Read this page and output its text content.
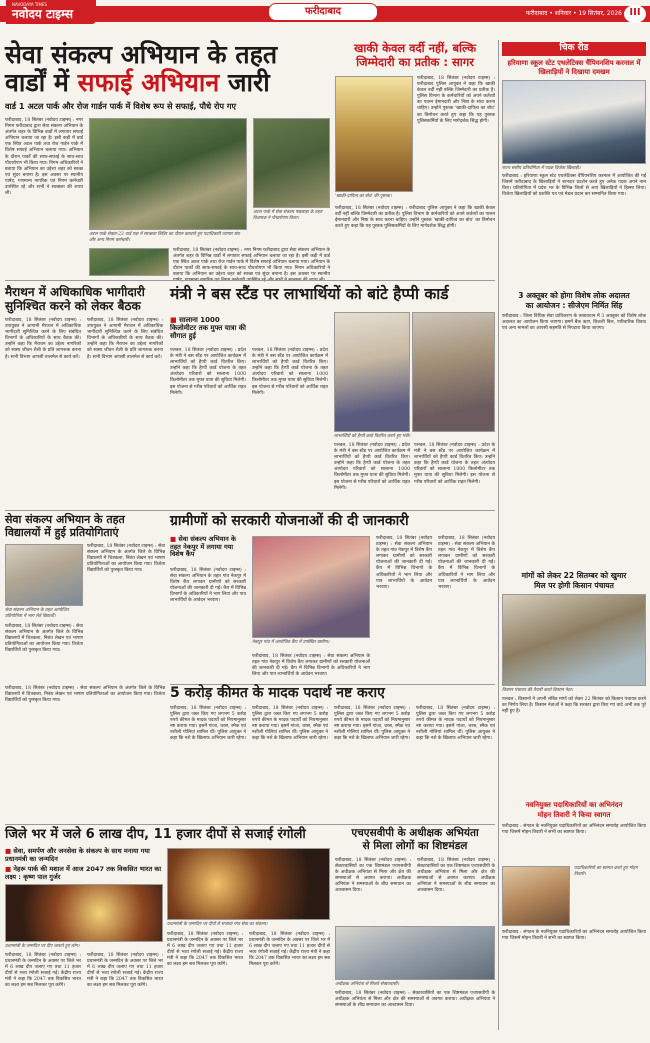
NAVODAYA TIMES
नवोदय टाइम्स	फरीदाबाद	फरीदाबाद • शनिवार • 19 सितंबर, 2026 III
सेवा संकल्प अभियान के तहत
वार्डों में सफाई अभियान जारी
वार्ड 1 अटल पार्क और रोज गार्डन पार्क में विशेष रूप से सफाई, पौधे रोप गए
फरीदाबाद, 18 सितंबर (नवोदय टाइम्स) : नगर निगम फरीदाबाद द्वारा सेवा संकल्प अभियान के अंतर्गत शहर के विभिन्न वार्डों में लगातार सफाई अभियान चलाया जा रहा है। इसी कड़ी में वार्ड एक स्थित अटल पार्क तथा रोज गार्डन पार्क में विशेष सफाई अभियान चलाया गया। अभियान के दौरान पार्कों की साफ-सफाई के साथ-साथ पौधारोपण भी किया गया। निगम अधिकारियों ने बताया कि अभियान का उद्देश्य शहर को स्वच्छ एवं सुंदर बनाना है। इस अवसर पर स्थानीय पार्षद, गणमान्य नागरिक एवं निगम कर्मचारी उपस्थित रहे और सभी ने स्वच्छता की शपथ ली।
अटल पार्क सेक्टर-23 वार्ड एक में स्वच्छता शिविर का दौरान करवाते हुए पदाधिकारी व्यापार संघ और अन्य निगम कर्मचारी।
अटल पार्क में सेवा संकल्प पखवाड़ा के तहत विधायक ने पौधारोपण किया।
फरीदाबाद, 18 सितंबर (नवोदय टाइम्स) : नगर निगम फरीदाबाद द्वारा सेवा संकल्प अभियान के अंतर्गत शहर के विभिन्न वार्डों में लगातार सफाई अभियान चलाया जा रहा है। इसी कड़ी में वार्ड एक स्थित अटल पार्क तथा रोज गार्डन पार्क में विशेष सफाई अभियान चलाया गया। अभियान के दौरान पार्कों की साफ-सफाई के साथ-साथ पौधारोपण भी किया गया। निगम अधिकारियों ने बताया कि अभियान का उद्देश्य शहर को स्वच्छ एवं सुंदर बनाना है। इस अवसर पर स्थानीय
खाकी केवल वर्दी नहीं, बल्कि
जिम्मेदारी का प्रतीक : सागर
'खाकी-दायित्व का बोध' की पुस्तक।
फरीदाबाद, 18 सितंबर (नवोदय टाइम्स) : फरीदाबाद पुलिस आयुक्त ने कहा कि खाकी केवल वर्दी नहीं बल्कि जिम्मेदारी का प्रतीक है। पुलिस विभाग के कर्मचारियों को अपने कर्तव्यों का पालन ईमानदारी और निष्ठा के साथ करना चाहिए। उन्होंने पुस्तक 'खाकी-दायित्व का बोध' का विमोचन करते हुए कहा कि यह पुस्तक पुलिसकर्मियों के लिए मार्गदर्शक सिद्ध होगी।
फरीदाबाद, 18 सितंबर (नवोदय टाइम्स) : फरीदाबाद पुलिस आयुक्त ने कहा कि खाकी केवल वर्दी नहीं बल्कि जिम्मेदारी का प्रतीक है। पुलिस विभाग के कर्मचारियों को अपने कर्तव्यों का पालन ईमानदारी और निष्ठा के साथ करना चाहिए। उन्होंने पुस्तक 'खाकी-दायित्व का बोध' का विमोचन करते हुए कहा कि यह पुस्तक पुलिसकर्मियों के लिए मार्गदर्शक सिद्ध होगी।
चिक रीड
हरियाणा स्कूल स्टेट एथलेटिक्स चैंपियनशिप करनाल में खिलाड़ियों ने दिखाया दमखम
राज्य स्तरीय प्रतियोगिता में पदक विजेता खिलाड़ी।
फरीदाबाद : हरियाणा स्कूल स्टेट एथलेटिक्स चैंपियनशिप करनाल में आयोजित की गई जिसमें फरीदाबाद के खिलाड़ियों ने शानदार प्रदर्शन करते हुए अनेक पदक अपने नाम किए। प्रतियोगिता में प्रदेश भर के विभिन्न जिलों से आए खिलाड़ियों ने हिस्सा लिया। विजेता खिलाड़ियों को प्रशस्ति पत्र एवं मेडल प्रदान कर सम्मानित किया गया।
3 अक्तूबर को होगा विशेष लोक अदालत
का आयोजन : सीजेएम निर्मित सिंह
फरीदाबाद : जिला विधिक सेवा प्राधिकरण के तत्वावधान में 3 अक्तूबर को विशेष लोक अदालत का आयोजन किया जाएगा। इसमें बैंक ऋण, बिजली बिल, पारिवारिक विवाद एवं अन्य मामलों का आपसी सहमति से निपटारा किया जाएगा।
मांगों को लेकर 22 सितम्बर को खुमार
मिल पर होगी किसान पंचायत
किसान पंचायत की तैयारी करते किसान नेता।
पलवल : किसानों ने अपनी लंबित मांगों को लेकर 22 सितंबर को किसान पंचायत करने का निर्णय लिया है। किसान नेताओं ने कहा कि सरकार द्वारा किए गए वादे अभी तक पूरे नहीं हुए हैं।
नवनियुक्त पदाधिकारियों का अभिनंदन
मोहन तिवारी ने किया स्वागत
फरीदाबाद : संगठन के नवनियुक्त पदाधिकारियों का अभिनंदन समारोह आयोजित किया गया जिसमें मोहन तिवारी ने सभी का स्वागत किया।
पदाधिकारियों का स्वागत करते हुए मोहन तिवारी।
फरीदाबाद : संगठन के नवनियुक्त पदाधिकारियों का अभिनंदन समारोह आयोजित किया गया जिसमें मोहन तिवारी ने सभी का स्वागत किया।
मैराथन में अधिकाधिक भागीदारी
सुनिश्चित करने को लेकर बैठक
फरीदाबाद, 18 सितंबर (नवोदय टाइम्स) : उपायुक्त ने आगामी मैराथन में अधिकाधिक भागीदारी सुनिश्चित करने के लिए संबंधित विभागों के अधिकारियों के साथ बैठक की। उन्होंने कहा कि मैराथन का उद्देश्य नागरिकों को स्वस्थ जीवन शैली के प्रति जागरूक करना है। सभी विभाग आपसी तालमेल से कार्य करें।
फरीदाबाद, 18 सितंबर (नवोदय टाइम्स) : उपायुक्त ने आगामी मैराथन में अधिकाधिक भागीदारी सुनिश्चित करने के लिए संबंधित विभागों के अधिकारियों के साथ बैठक की। उन्होंने कहा कि मैराथन का उद्देश्य नागरिकों को स्वस्थ जीवन शैली के प्रति जागरूक करना है। सभी विभाग आपसी तालमेल से कार्य करें।
मंत्री ने बस स्टैंड पर लाभार्थियों को बांटे हैप्पी कार्ड
■ सालाना 1000 किलोमीटर तक मुफ्त यात्रा की सौगात हुई
पलवल, 18 सितंबर (नवोदय टाइम्स) : प्रदेश के मंत्री ने बस स्टैंड पर आयोजित कार्यक्रम में लाभार्थियों को हैप्पी कार्ड वितरित किए। उन्होंने कहा कि हैप्पी कार्ड योजना के तहत अंत्योदय परिवारों को सालाना 1000 किलोमीटर तक मुफ्त यात्रा की सुविधा मिलेगी। इस योजना से गरीब परिवारों को आर्थिक राहत मिलेगी।
पलवल, 18 सितंबर (नवोदय टाइम्स) : प्रदेश के मंत्री ने बस स्टैंड पर आयोजित कार्यक्रम में लाभार्थियों को हैप्पी कार्ड वितरित किए। उन्होंने कहा कि हैप्पी कार्ड योजना के तहत अंत्योदय परिवारों को सालाना 1000 किलोमीटर तक मुफ्त यात्रा की सुविधा मिलेगी। इस योजना से गरीब परिवारों को आर्थिक राहत मिलेगी।
लाभार्थियों को हैप्पी कार्ड वितरित करते हुए मंत्री।
पलवल, 18 सितंबर (नवोदय टाइम्स) : प्रदेश के मंत्री ने बस स्टैंड पर आयोजित कार्यक्रम में लाभार्थियों को हैप्पी कार्ड वितरित किए। उन्होंने कहा कि हैप्पी कार्ड योजना के तहत अंत्योदय परिवारों को सालाना 1000 किलोमीटर तक मुफ्त यात्रा की सुविधा मिलेगी। इस योजना से गरीब परिवारों को आर्थिक राहत मिलेगी।
पलवल, 18 सितंबर (नवोदय टाइम्स) : प्रदेश के मंत्री ने बस स्टैंड पर आयोजित कार्यक्रम में लाभार्थियों को हैप्पी कार्ड वितरित किए। उन्होंने कहा कि हैप्पी कार्ड योजना के तहत अंत्योदय परिवारों को सालाना 1000 किलोमीटर तक मुफ्त यात्रा की सुविधा मिलेगी। इस योजना से गरीब परिवारों को आर्थिक राहत मिलेगी।
सेवा संकल्प अभियान के तहत
विद्यालयों में हुई प्रतियोगिताएं
फरीदाबाद, 18 सितंबर (नवोदय टाइम्स) : सेवा संकल्प अभियान के अंतर्गत जिले के विभिन्न विद्यालयों में चित्रकला, निबंध लेखन एवं भाषण प्रतियोगिताओं का आयोजन किया गया। विजेता विद्यार्थियों को पुरस्कृत किया गया।
सेवा संकल्प अभियान के तहत आयोजित प्रतियोगिता में भाग लेते विद्यार्थी।
फरीदाबाद, 18 सितंबर (नवोदय टाइम्स) : सेवा संकल्प अभियान के अंतर्गत जिले के विभिन्न विद्यालयों में चित्रकला, निबंध लेखन एवं भाषण प्रतियोगिताओं का आयोजन किया गया। विजेता विद्यार्थियों को पुरस्कृत किया गया।
ग्रामीणों को सरकारी योजनाओं की दी जानकारी
■ सेवा संकल्प अभियान के तहत नेकपुर में लगाया गया विशेष कैंप
फरीदाबाद, 18 सितंबर (नवोदय टाइम्स) : सेवा संकल्प अभियान के तहत गांव नेकपुर में विशेष कैंप लगाकर ग्रामीणों को सरकारी योजनाओं की जानकारी दी गई। कैंप में विभिन्न विभागों के अधिकारियों ने भाग लिया और पात्र लाभार्थियों के आवेदन भरवाए।
नेकपुर गांव में आयोजित कैंप में उपस्थित ग्रामीण।
फरीदाबाद, 18 सितंबर (नवोदय टाइम्स) : सेवा संकल्प अभियान के तहत गांव नेकपुर में विशेष कैंप लगाकर ग्रामीणों को सरकारी योजनाओं की जानकारी दी गई। कैंप में विभिन्न विभागों के अधिकारियों ने भाग लिया और पात्र लाभार्थियों के आवेदन भरवाए।
फरीदाबाद, 18 सितंबर (नवोदय टाइम्स) : सेवा संकल्प अभियान के तहत गांव नेकपुर में विशेष कैंप लगाकर ग्रामीणों को सरकारी योजनाओं की जानकारी दी गई। कैंप में विभिन्न विभागों के अधिकारियों ने भाग लिया और पात्र लाभार्थियों के आवेदन भरवाए।
फरीदाबाद, 18 सितंबर (नवोदय टाइम्स) : सेवा संकल्प अभियान के तहत गांव नेकपुर में विशेष कैंप लगाकर ग्रामीणों को सरकारी योजनाओं की जानकारी दी गई। कैंप में विभिन्न विभागों के अधिकारियों ने भाग लिया और पात्र लाभार्थियों के आवेदन भरवाए।
5 करोड़ कीमत के मादक पदार्थ नष्ट कराए
फरीदाबाद, 18 सितंबर (नवोदय टाइम्स) : पुलिस द्वारा जब्त किए गए लगभग 5 करोड़ रुपये कीमत के मादक पदार्थों को नियमानुसार नष्ट कराया गया। इसमें गांजा, चरस, स्मैक एवं नशीली गोलियां शामिल थीं। पुलिस आयुक्त ने कहा कि नशे के खिलाफ अभियान जारी रहेगा।
फरीदाबाद, 18 सितंबर (नवोदय टाइम्स) : पुलिस द्वारा जब्त किए गए लगभग 5 करोड़ रुपये कीमत के मादक पदार्थों को नियमानुसार नष्ट कराया गया। इसमें गांजा, चरस, स्मैक एवं नशीली गोलियां शामिल थीं। पुलिस आयुक्त ने कहा कि नशे के खिलाफ अभियान जारी रहेगा।
फरीदाबाद, 18 सितंबर (नवोदय टाइम्स) : पुलिस द्वारा जब्त किए गए लगभग 5 करोड़ रुपये कीमत के मादक पदार्थों को नियमानुसार नष्ट कराया गया। इसमें गांजा, चरस, स्मैक एवं नशीली गोलियां शामिल थीं। पुलिस आयुक्त ने कहा कि नशे के खिलाफ अभियान जारी रहेगा।
फरीदाबाद, 18 सितंबर (नवोदय टाइम्स) : पुलिस द्वारा जब्त किए गए लगभग 5 करोड़ रुपये कीमत के मादक पदार्थों को नियमानुसार नष्ट कराया गया। इसमें गांजा, चरस, स्मैक एवं नशीली गोलियां शामिल थीं। पुलिस आयुक्त ने कहा कि नशे के खिलाफ अभियान जारी रहेगा।
फरीदाबाद, 18 सितंबर (नवोदय टाइम्स) : सेवा संकल्प अभियान के अंतर्गत जिले के विभिन्न विद्यालयों में चित्रकला, निबंध लेखन एवं भाषण प्रतियोगिताओं का आयोजन किया गया। विजेता विद्यार्थियों को पुरस्कृत किया गया।
जिले भर में जले 6 लाख दीप, 11 हजार दीपों से सजाई रंगोली
■ सेवा, समर्पण और जनसेवा के संकल्प के साथ मनाया गया प्रधानमंत्री का जन्मदिन
■ नेहरू पार्क की मशाल में आज 2047 तक विकसित भारत का लक्ष्य : कृष्ण पाल गुर्जर
प्रधानमंत्री के जन्मदिन पर दीपों से सजाया गया सेवा का संकल्प।
प्रधानमंत्री के जन्मदिन पर दीप जलाते हुए लोग।
फरीदाबाद, 18 सितंबर (नवोदय टाइम्स) : प्रधानमंत्री के जन्मदिन के अवसर पर जिले भर में 6 लाख दीप जलाए गए तथा 11 हजार दीपों से भव्य रंगोली सजाई गई। केंद्रीय राज्य मंत्री ने कहा कि 2047 तक विकसित भारत का लक्ष्य हम सब मिलकर पूरा करेंगे।
फरीदाबाद, 18 सितंबर (नवोदय टाइम्स) : प्रधानमंत्री के जन्मदिन के अवसर पर जिले भर में 6 लाख दीप जलाए गए तथा 11 हजार दीपों से भव्य रंगोली सजाई गई। केंद्रीय राज्य मंत्री ने कहा कि 2047 तक विकसित भारत का लक्ष्य हम सब मिलकर पूरा करेंगे।
फरीदाबाद, 18 सितंबर (नवोदय टाइम्स) : प्रधानमंत्री के जन्मदिन के अवसर पर जिले भर में 6 लाख दीप जलाए गए तथा 11 हजार दीपों से भव्य रंगोली सजाई गई। केंद्रीय राज्य मंत्री ने कहा कि 2047 तक विकसित भारत का लक्ष्य हम सब मिलकर पूरा करेंगे।
फरीदाबाद, 18 सितंबर (नवोदय टाइम्स) : प्रधानमंत्री के जन्मदिन के अवसर पर जिले भर में 6 लाख दीप जलाए गए तथा 11 हजार दीपों से भव्य रंगोली सजाई गई। केंद्रीय राज्य मंत्री ने कहा कि 2047 तक विकसित भारत का लक्ष्य हम सब मिलकर पूरा करेंगे।
एचएसवीपी के अधीक्षक अभियंता
से मिला लोगों का शिष्टमंडल
फरीदाबाद, 18 सितंबर (नवोदय टाइम्स) : सेक्टरवासियों का एक शिष्टमंडल एचएसवीपी के अधीक्षक अभियंता से मिला और क्षेत्र की समस्याओं से अवगत कराया। अधीक्षक अभियंता ने समस्याओं के शीघ्र समाधान का आश्वासन दिया।
फरीदाबाद, 18 सितंबर (नवोदय टाइम्स) : सेक्टरवासियों का एक शिष्टमंडल एचएसवीपी के अधीक्षक अभियंता से मिला और क्षेत्र की समस्याओं से अवगत कराया। अधीक्षक अभियंता ने समस्याओं के शीघ्र समाधान का आश्वासन दिया।
अधीक्षक अभियंता से मिलते सेक्टरवासी।
फरीदाबाद, 18 सितंबर (नवोदय टाइम्स) : सेक्टरवासियों का एक शिष्टमंडल एचएसवीपी के अधीक्षक अभियंता से मिला और क्षेत्र की समस्याओं से अवगत कराया। अधीक्षक अभियंता ने समस्याओं के शीघ्र समाधान का आश्वासन दिया।
